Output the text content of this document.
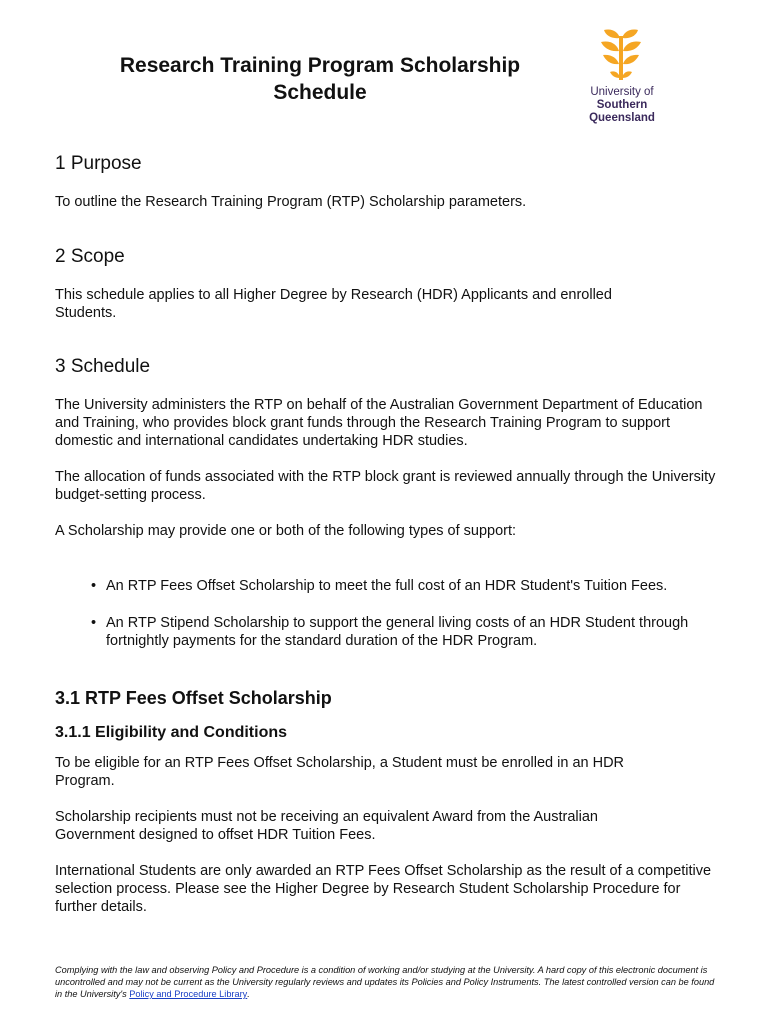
Research Training Program Scholarship
Schedule	University of
Southern
Queensland
1 Purpose

To outline the Research Training Program (RTP) Scholarship parameters.

2 Scope

This schedule applies to all Higher Degree by Research (HDR) Applicants and enrolled Students.

3 Schedule

The University administers the RTP on behalf of the Australian Government Department of Education and Training, who provides block grant funds through the Research Training Program to support domestic and international candidates undertaking HDR studies.

The allocation of funds associated with the RTP block grant is reviewed annually through the University budget-setting process.

A Scholarship may provide one or both of the following types of support:

• An RTP Fees Offset Scholarship to meet the full cost of an HDR Student's Tuition Fees.
• An RTP Stipend Scholarship to support the general living costs of an HDR Student through fortnightly payments for the standard duration of the HDR Program.
3.1 RTP Fees Offset Scholarship
3.1.1 Eligibility and Conditions

To be eligible for an RTP Fees Offset Scholarship, a Student must be enrolled in an HDR Program.

Scholarship recipients must not be receiving an equivalent Award from the Australian Government designed to offset HDR Tuition Fees.

International Students are only awarded an RTP Fees Offset Scholarship as the result of a competitive selection process. Please see the Higher Degree by Research Student Scholarship Procedure for further details.

Complying with the law and observing Policy and Procedure is a condition of working and/or studying at the University. A hard copy of this electronic document is uncontrolled and may not be current as the University regularly reviews and updates its Policies and Policy Instruments. The latest controlled version can be found in the University's Policy and Procedure Library.
